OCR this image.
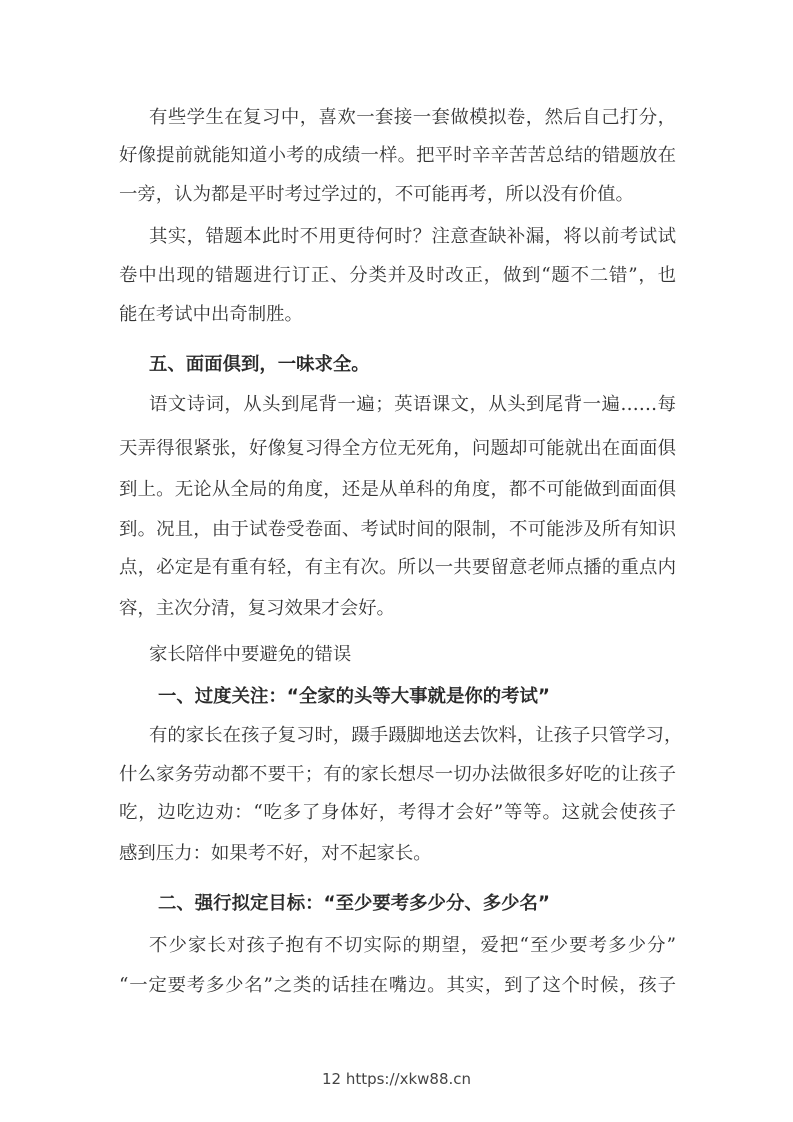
有些学生在复习中，喜欢一套接一套做模拟卷，然后自己打分，
好像提前就能知道小考的成绩一样。把平时辛辛苦苦总结的错题放在
一旁，认为都是平时考过学过的，不可能再考，所以没有价值。
其实，错题本此时不用更待何时？注意查缺补漏，将以前考试试
卷中出现的错题进行订正、分类并及时改正，做到“题不二错”，也
能在考试中出奇制胜。
五、面面俱到，一味求全。
语文诗词，从头到尾背一遍；英语课文，从头到尾背一遍……每
天弄得很紧张，好像复习得全方位无死角，问题却可能就出在面面俱
到上。无论从全局的角度，还是从单科的角度，都不可能做到面面俱
到。况且，由于试卷受卷面、考试时间的限制，不可能涉及所有知识
点，必定是有重有轻，有主有次。所以一共要留意老师点播的重点内
容，主次分清，复习效果才会好。
家长陪伴中要避免的错误
一、过度关注：“全家的头等大事就是你的考试”
有的家长在孩子复习时，蹑手蹑脚地送去饮料，让孩子只管学习，
什么家务劳动都不要干；有的家长想尽一切办法做很多好吃的让孩子
吃，边吃边劝：“吃多了身体好，考得才会好”等等。这就会使孩子
感到压力：如果考不好，对不起家长。
二、强行拟定目标：“至少要考多少分、多少名”
不少家长对孩子抱有不切实际的期望，爱把“至少要考多少分”
“一定要考多少名”之类的话挂在嘴边。其实，到了这个时候，孩子
12 https://xkw88.cn
